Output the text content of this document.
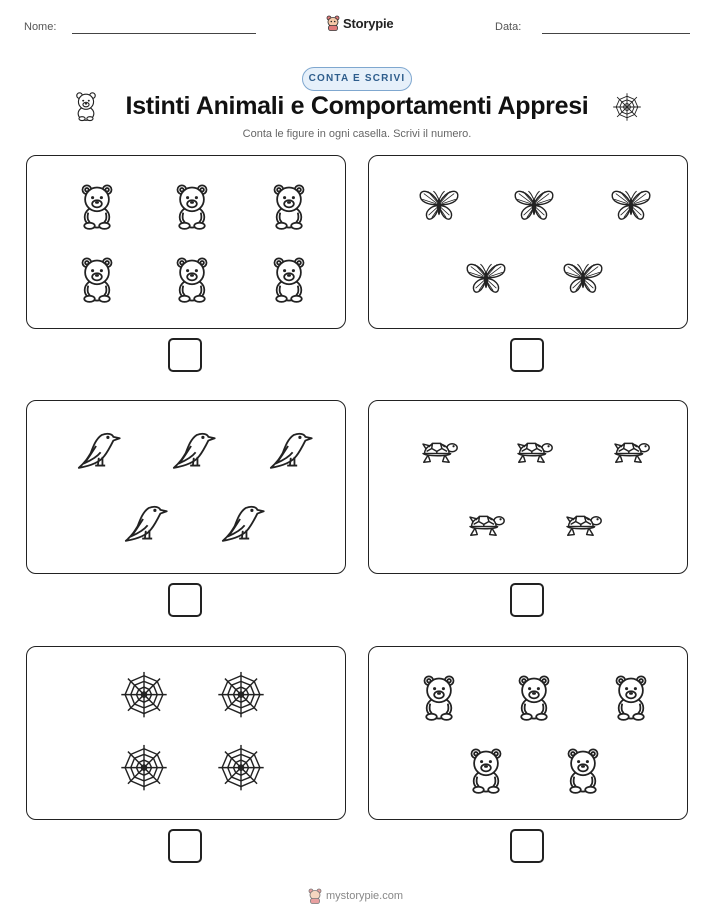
Nome:	Storypie	Data:
CONTA E SCRIVI
Istinti Animali e Comportamenti Appresi
Conta le figure in ogni casella. Scrivi il numero.
mystorypie.com
